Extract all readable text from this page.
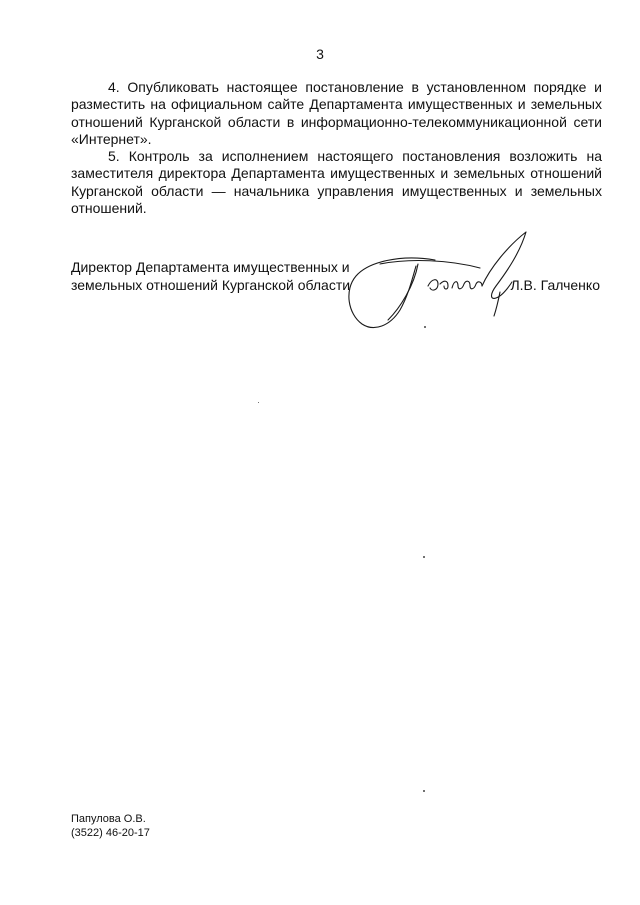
3

4. Опубликовать настоящее постановление в установленном порядке и разместить на официальном сайте Департамента имущественных и земельных отношений Курганской области в информационно-телекоммуникационной сети «Интернет».

5. Контроль за исполнением настоящего постановления возложить на заместителя директора Департамента имущественных и земельных отношений Курганской области — начальника управления имущественных и земельных отношений.

Директор Департамента имущественных и
земельных отношений Курганской области	Л.В. Галченко
Папулова О.В.
(3522) 46-20-17
